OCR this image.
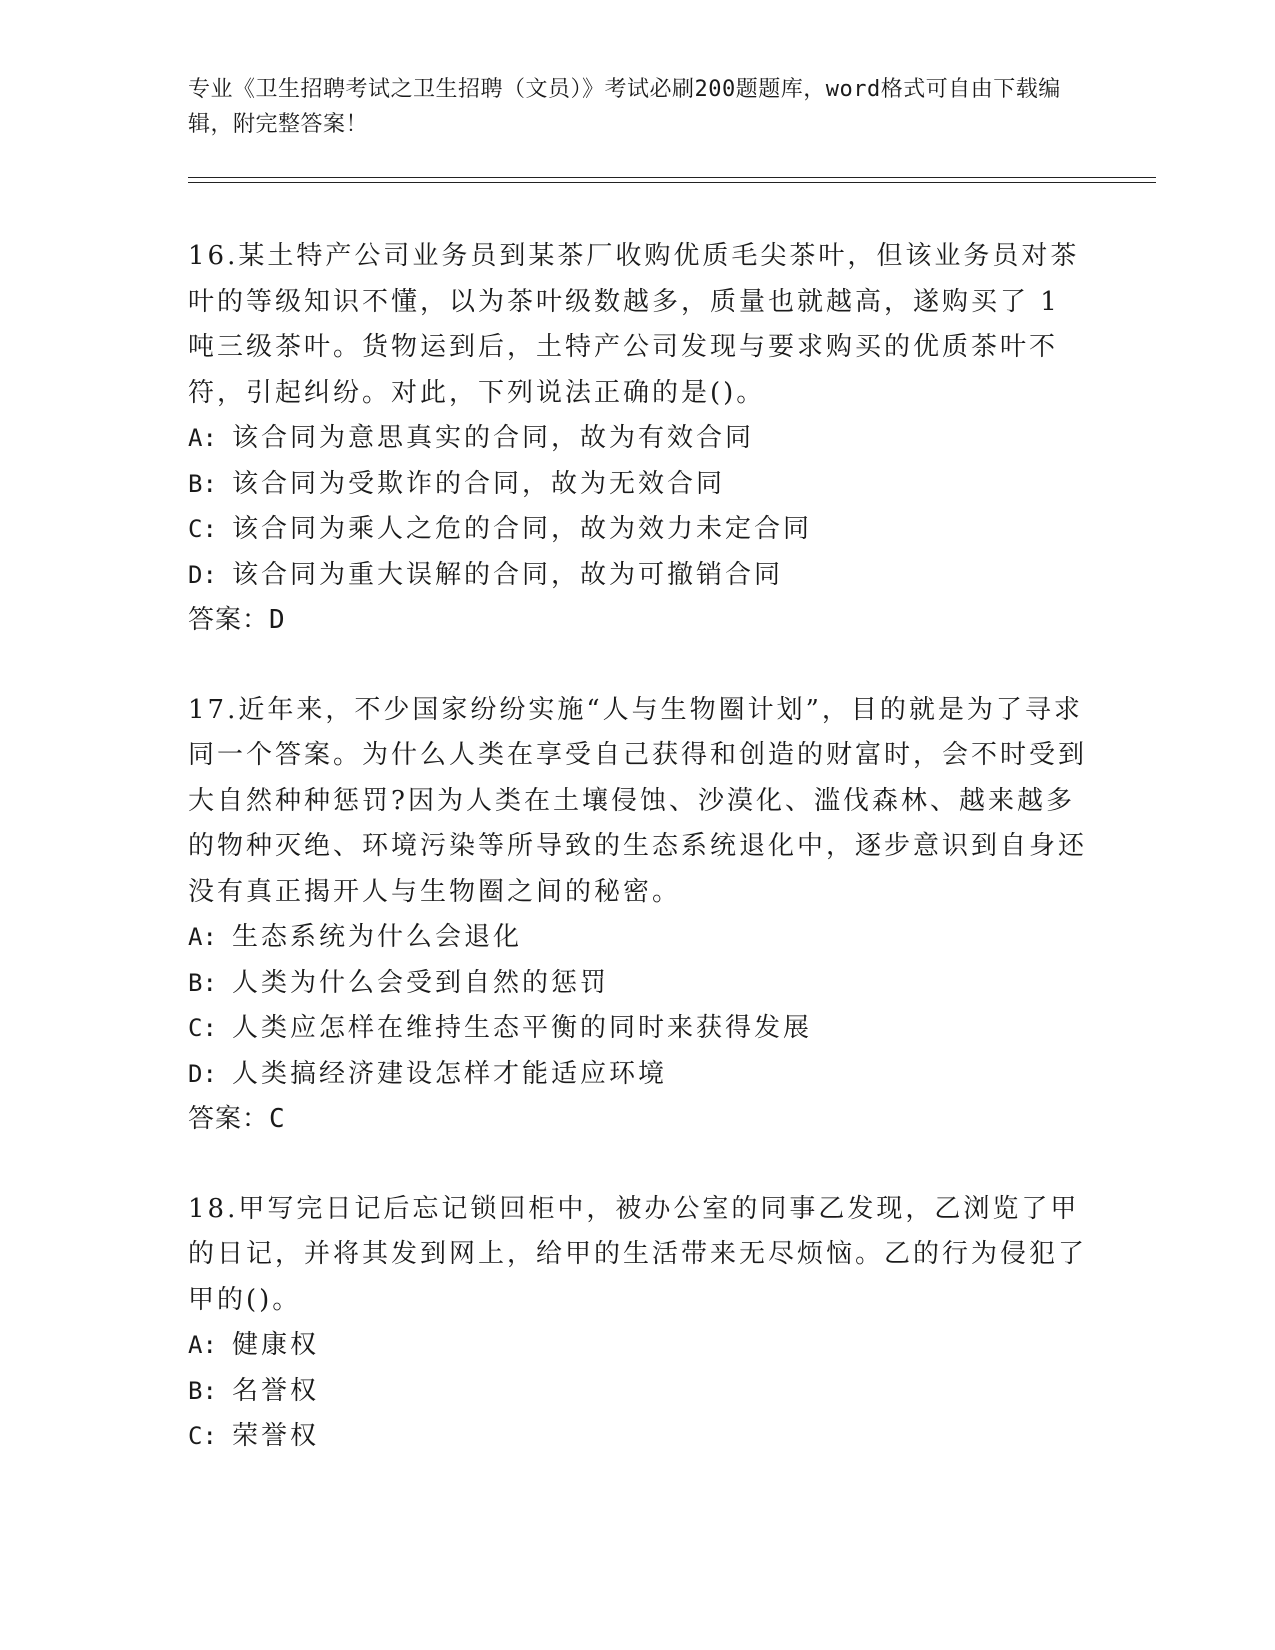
专业《卫生招聘考试之卫生招聘（文员）》考试必刷200题题库，word格式可自由下载编辑，附完整答案！
16.某土特产公司业务员到某茶厂收购优质毛尖茶叶，但该业务员对茶叶的等级知识不懂，以为茶叶级数越多，质量也就越高，遂购买了 1 吨三级茶叶。货物运到后，土特产公司发现与要求购买的优质茶叶不符，引起纠纷。对此，下列说法正确的是()。
A: 该合同为意思真实的合同，故为有效合同
B: 该合同为受欺诈的合同，故为无效合同
C: 该合同为乘人之危的合同，故为效力未定合同
D: 该合同为重大误解的合同，故为可撤销合同
答案：D
17.近年来，不少国家纷纷实施“人与生物圈计划”，目的就是为了寻求同一个答案。为什么人类在享受自己获得和创造的财富时，会不时受到大自然种种惩罚?因为人类在土壤侵蚀、沙漠化、滥伐森林、越来越多的物种灭绝、环境污染等所导致的生态系统退化中，逐步意识到自身还没有真正揭开人与生物圈之间的秘密。
A: 生态系统为什么会退化
B: 人类为什么会受到自然的惩罚
C: 人类应怎样在维持生态平衡的同时来获得发展
D: 人类搞经济建设怎样才能适应环境
答案：C
18.甲写完日记后忘记锁回柜中，被办公室的同事乙发现，乙浏览了甲的日记，并将其发到网上，给甲的生活带来无尽烦恼。乙的行为侵犯了甲的()。
A: 健康权
B: 名誉权
C: 荣誉权
